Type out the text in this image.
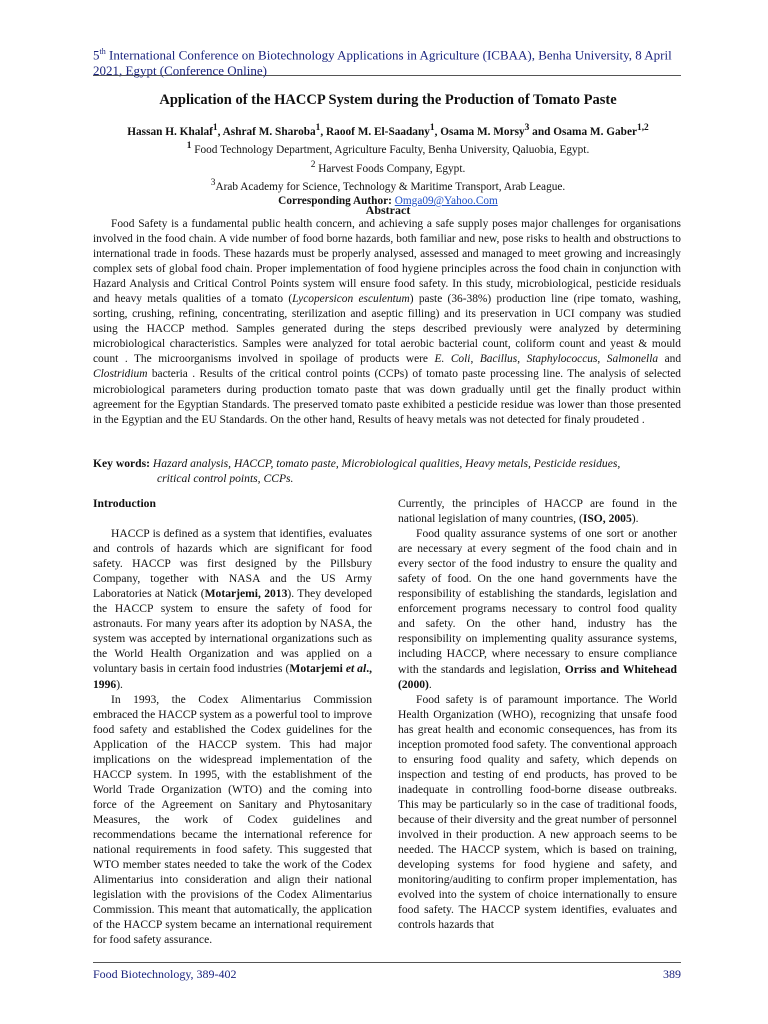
5th International Conference on Biotechnology Applications in Agriculture (ICBAA), Benha University, 8 April 2021, Egypt (Conference Online)
Application of the HACCP System during the Production of Tomato Paste
Hassan H. Khalaf$^1$, Ashraf M. Sharoba$^1$, Raoof M. El-Saadany$^1$, Osama M. Morsy$^3$ and Osama M. Gaber$^{1,2}$
$^1$ Food Technology Department, Agriculture Faculty, Benha University, Qaluobia, Egypt.
$^2$ Harvest Foods Company, Egypt.
$^3$Arab Academy for Science, Technology & Maritime Transport, Arab League.
Corresponding Author: Omga09@Yahoo.Com
Abstract

Food Safety is a fundamental public health concern, and achieving a safe supply poses major challenges for organisations involved in the food chain. A vide number of food borne hazards, both familiar and new, pose risks to health and obstructions to international trade in foods. These hazards must be properly analysed, assessed and managed to meet growing and increasingly complex sets of global food chain. Proper implementation of food hygiene principles across the food chain in conjunction with Hazard Analysis and Critical Control Points system will ensure food safety. In this study, microbiological, pesticide residuals and heavy metals qualities of a tomato (Lycopersicon esculentum) paste (36-38%) production line (ripe tomato, washing, sorting, crushing, refining, concentrating, sterilization and aseptic filling) and its preservation in UCI company was studied using the HACCP method. Samples generated during the steps described previously were analyzed by determining microbiological characteristics. Samples were analyzed for total aerobic bacterial count, coliform count and yeast & mould count . The microorganisms involved in spoilage of products were E. Coli, Bacillus, Staphylococcus, Salmonella and Clostridium bacteria . Results of the critical control points (CCPs) of tomato paste processing line. The analysis of selected microbiological parameters during production tomato paste that was down gradually until get the finally product within agreement for the Egyptian Standards. The preserved tomato paste exhibited a pesticide residue was lower than those presented in the Egyptian and the EU Standards. On the other hand, Results of heavy metals was not detected for finaly proudeted .

Key words: Hazard analysis, HACCP, tomato paste, Microbiological qualities, Heavy metals, Pesticide residues,
critical control points, CCPs.
Introduction

HACCP is defined as a system that identifies, evaluates and controls of hazards which are significant for food safety. HACCP was first designed by the Pillsbury Company, together with NASA and the US Army Laboratories at Natick (Motarjemi, 2013). They developed the HACCP system to ensure the safety of food for astronauts. For many years after its adoption by NASA, the system was accepted by international organizations such as the World Health Organization and was applied on a voluntary basis in certain food industries (Motarjemi et al., 1996).

In 1993, the Codex Alimentarius Commission embraced the HACCP system as a powerful tool to improve food safety and established the Codex guidelines for the Application of the HACCP system. This had major implications on the widespread implementation of the HACCP system. In 1995, with the establishment of the World Trade Organization (WTO) and the coming into force of the Agreement on Sanitary and Phytosanitary Measures, the work of Codex guidelines and recommendations became the international reference for national requirements in food safety. This suggested that WTO member states needed to take the work of the Codex Alimentarius into consideration and align their national legislation with the provisions of the Codex Alimentarius Commission. This meant that automatically, the application of the HACCP system became an international requirement for food safety assurance.

Currently, the principles of HACCP are found in the national legislation of many countries, (ISO, 2005).

Food quality assurance systems of one sort or another are necessary at every segment of the food chain and in every sector of the food industry to ensure the quality and safety of food. On the one hand governments have the responsibility of establishing the standards, legislation and enforcement programs necessary to control food quality and safety. On the other hand, industry has the responsibility on implementing quality assurance systems, including HACCP, where necessary to ensure compliance with the standards and legislation, Orriss and Whitehead (2000).

Food safety is of paramount importance. The World Health Organization (WHO), recognizing that unsafe food has great health and economic consequences, has from its inception promoted food safety. The conventional approach to ensuring food quality and safety, which depends on inspection and testing of end products, has proved to be inadequate in controlling food-borne disease outbreaks. This may be particularly so in the case of traditional foods, because of their diversity and the great number of personnel involved in their production. A new approach seems to be needed. The HACCP system, which is based on training, developing systems for food hygiene and safety, and monitoring/auditing to confirm proper implementation, has evolved into the system of choice internationally to ensure food safety. The HACCP system identifies, evaluates and controls hazards that

Food Biotechnology, 389-402	389
